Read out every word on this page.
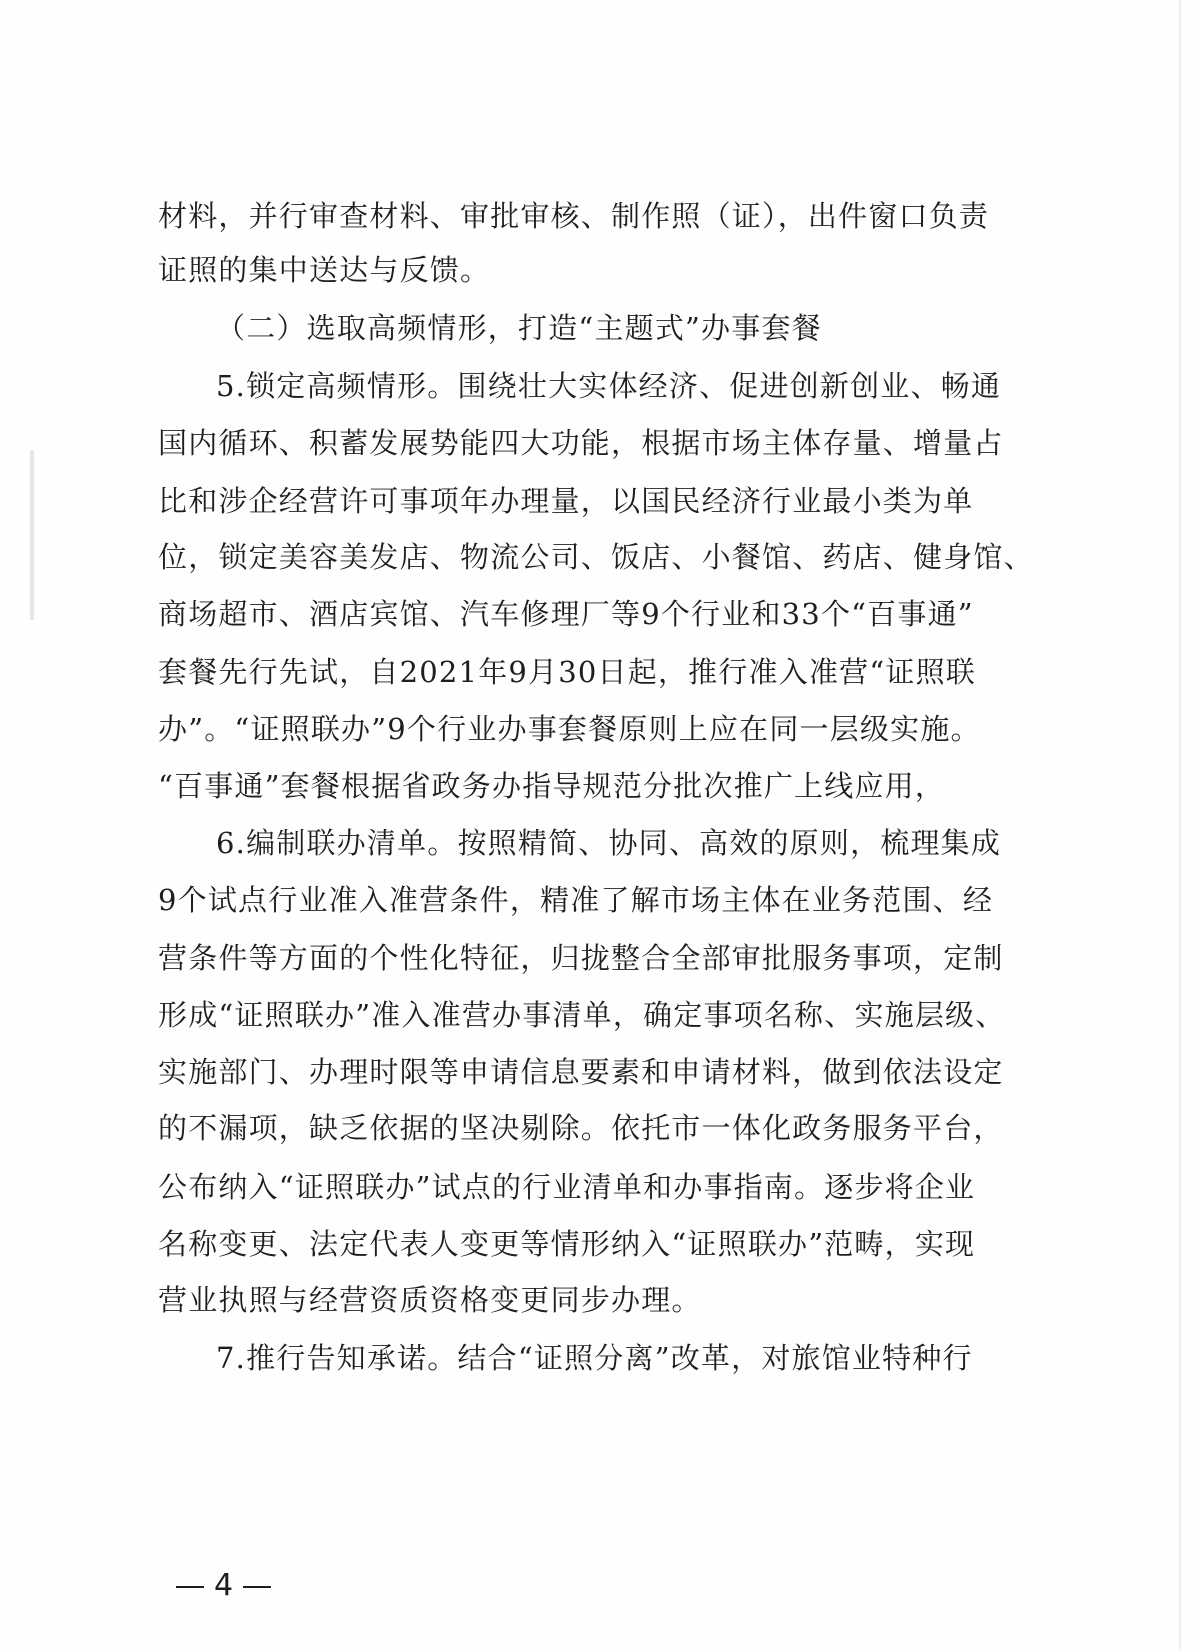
材料，并行审查材料、审批审核、制作照（证），出件窗口负责
证照的集中送达与反馈。
（二）选取高频情形，打造“主题式”办事套餐
5.锁定高频情形。围绕壮大实体经济、促进创新创业、畅通
国内循环、积蓄发展势能四大功能，根据市场主体存量、增量占
比和涉企经营许可事项年办理量，以国民经济行业最小类为单
位，锁定美容美发店、物流公司、饭店、小餐馆、药店、健身馆、
商场超市、酒店宾馆、汽车修理厂等9个行业和33个“百事通”
套餐先行先试，自2021年9月30日起，推行准入准营“证照联
办”。“证照联办”9个行业办事套餐原则上应在同一层级实施。
“百事通”套餐根据省政务办指导规范分批次推广上线应用，
6.编制联办清单。按照精简、协同、高效的原则，梳理集成
9个试点行业准入准营条件，精准了解市场主体在业务范围、经
营条件等方面的个性化特征，归拢整合全部审批服务事项，定制
形成“证照联办”准入准营办事清单，确定事项名称、实施层级、
实施部门、办理时限等申请信息要素和申请材料，做到依法设定
的不漏项，缺乏依据的坚决剔除。依托市一体化政务服务平台，
公布纳入“证照联办”试点的行业清单和办事指南。逐步将企业
名称变更、法定代表人变更等情形纳入“证照联办”范畴，实现
营业执照与经营资质资格变更同步办理。
7.推行告知承诺。结合“证照分离”改革，对旅馆业特种行
4
